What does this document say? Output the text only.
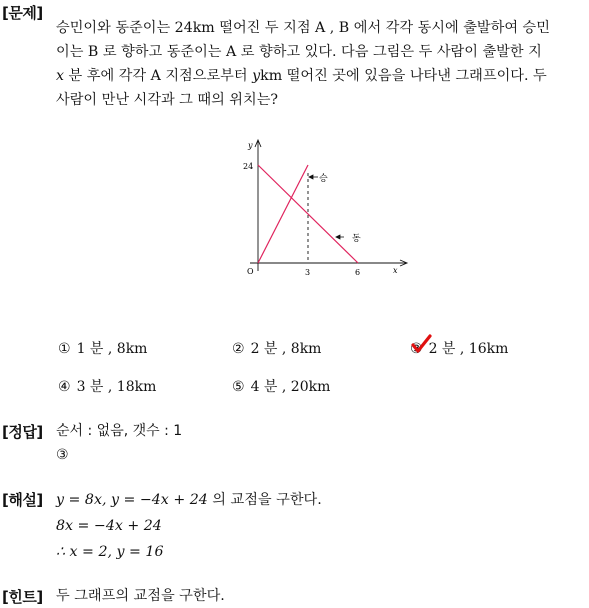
[문제]
승민이와 동준이는 24km 떨어진 두 지점 A , B 에서 각각 동시에 출발하여 승민
이는 B 로 향하고 동준이는 A 로 향하고 있다. 다음 그림은 두 사람이 출발한 지
x 분 후에 각각 A 지점으로부터 ykm 떨어진 곳에 있음을 나타낸 그래프이다. 두
사람이 만난 시각과 그 때의 위치는?
y
x
O
24
3	6
승
동
① 1 분 , 8km	② 2 분 , 8km	③ 2 분 , 16km
④ 3 분 , 18km	⑤ 4 분 , 20km
[정답] 순서 : 없음, 갯수 : 1
③
[해설] y = 8x, y = −4x + 24 의 교점을 구한다.
8x = −4x + 24
∴ x = 2, y = 16
[힌트] 두 그래프의 교점을 구한다.
